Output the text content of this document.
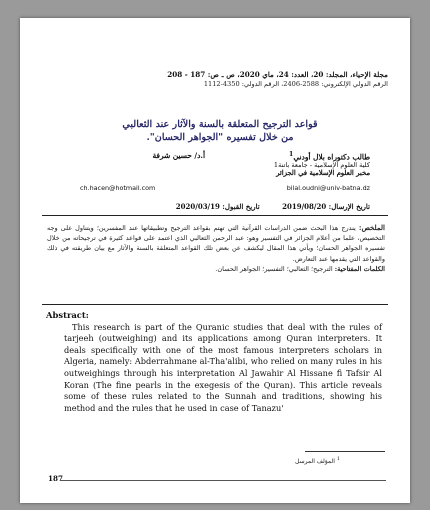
مجلة الإحياء، المجلد: 20، العدد: 24، ماي 2020، ص ـ ص: 187 - 208
الرقم الدولي الإلكتروني: 2588-2406، الرقم الدولي: 4350-1112
قواعد الترجيح المتعلقة بالسنة والآثار عند الثعالبي
من خلال تفسيره "الجواهر الحسان".
طالب دكتوراه بلال أودني$^1$
كلية العلوم الإسلامية - جامعة باتنة1
مخبر العلوم الإسلامية في الجزائر
أ.د/ حسين شرفة
ch.hacen@hotmail.com	bilal.oudni@univ-batna.dz
تاريخ الإرسال: 2019/08/20 تاريخ القبول: 2020/03/19
الملخص: يندرج هذا البحث ضمن الدراسات القرآنية التي تهتم بقواعد الترجيح وتطبيقاتها عند المفسرين؛ ويتناول على وجه التخصيص، علما من أعلام الجزائر في التفسير وهو: عبد الرحمن الثعالبي الذي اعتمد على قواعد كثيرة في ترجيحاته من خلال تفسيره الجواهر الحسان؛ ويأتي هذا المقال ليكشف عن بعض تلك القواعد المتعلقة بالسنة والآثار مع بيان طريقته في ذلك والقواعد التي يقدمها عند التعارض.
الكلمات المفتاحية: الترجيح؛ الثعالبي؛ التفسير؛ الجواهر الحسان.
Abstract:
This research is part of the Quranic studies that deal with the rules of tarjeeh (outweighing) and its applications among Quran interpreters. It deals specifically with one of the most famous interpreters scholars in Algeria, namely: Abderrahmane al-Tha'alibi, who relied on many rules in his outweighings through his interpretation Al Jawahir Al Hissane fi Tafsir Al Koran (The fine pearls in the exegesis of the Quran). This article reveals some of these rules related to the Sunnah and traditions, showing his method and the rules that he used in case of Tanazu'
$^1$ المؤلف المرسل
187
